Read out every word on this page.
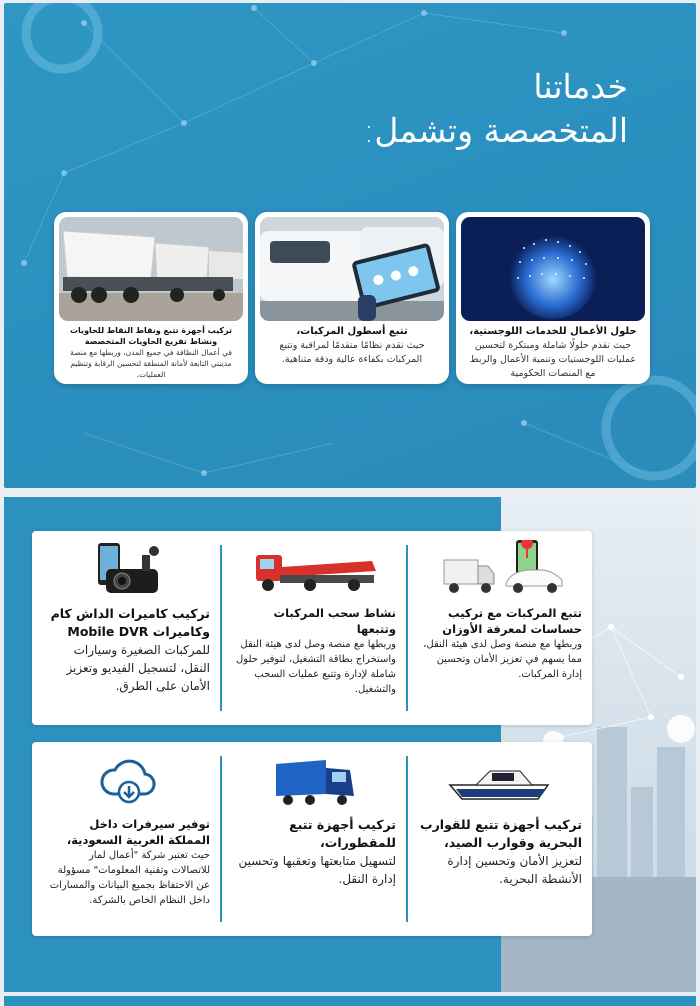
خدماتنا
المتخصصة وتشمل:
حلول الأعمال للخدمات اللوجستية،
حيث نقدم حلولًا شاملة ومبتكرة لتحسين عمليات اللوجستيات وتنمية الأعمال والربط مع المنصات الحكومية
تتبع أسطول المركبات،
حيث نقدم نظامًا متقدمًا لمراقبة وتتبع المركبات بكفاءة عالية ودقة متناهية.
تركيب أجهزة تتبع ونقاط النقاط للحاويات ونشاط تفريغ الحاويات المتخصصة
في أعمال النظافة في جميع المدن، وربطها مع منصة مدينتي التابعة لأمانة المنطقة لتحسين الرقابة وتنظيم العمليات.
تتبع المركبات مع تركيب حساسات لمعرفة الأوزان
وربطها مع منصة وصل لدى هيئة النقل، مما يسهم في تعزيز الأمان وتحسين إدارة المركبات.
نشاط سحب المركبات وتتبعها
وربطها مع منصة وصل لدى هيئة النقل واستخراج بطاقة التشغيل، لتوفير حلول شاملة لإدارة وتتبع عمليات السحب والتشغيل.
تركيب كاميرات الداش كام وكاميرات Mobile DVR
للمركبات الصغيرة وسيارات النقل، لتسجيل الفيديو وتعزيز الأمان على الطرق.
تركيب أجهزة تتبع للقوارب البحرية وقوارب الصيد،
لتعزيز الأمان وتحسين إدارة الأنشطة البحرية.
تركيب أجهزة تتبع للمقطورات،
لتسهيل متابعتها وتعقبها وتحسين إدارة النقل.
توفير سيرفرات داخل المملكة العربية السعودية،
حيث تعتبر شركة "أعمال لمار للاتصالات وتقنية المعلومات" مسؤولة عن الاحتفاظ بجميع البيانات والمسارات داخل النظام الخاص بالشركة.
